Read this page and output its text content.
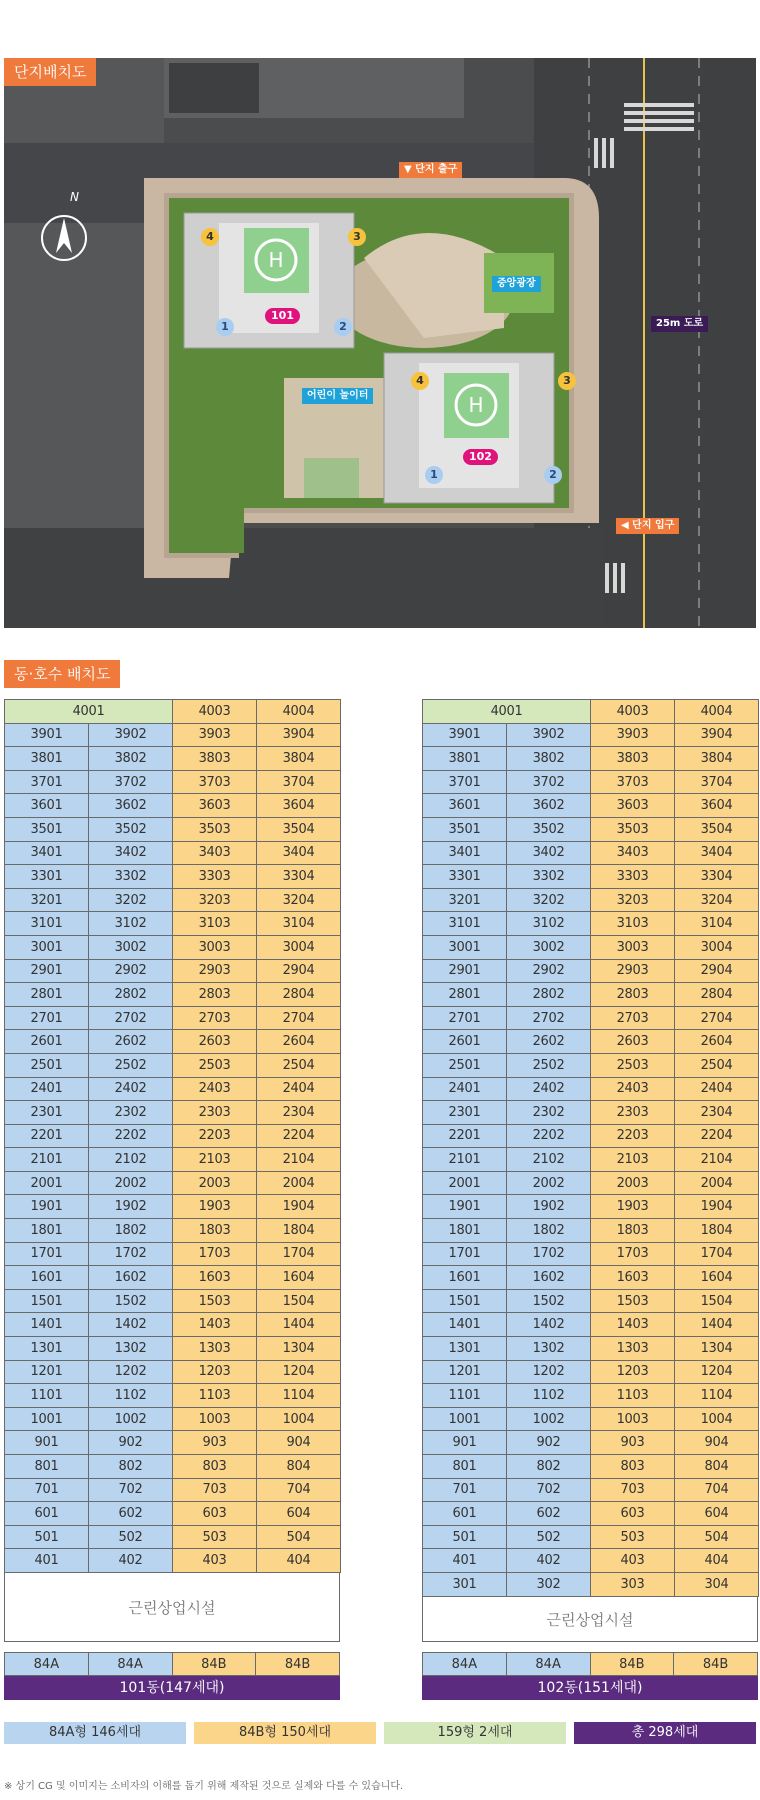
H
H
N
▼ 단지 출구
중앙광장
25m 도로
어린이 놀이터
◀ 단지 입구
101
102
4	3
1	2
4	3
1	2
단지배치도
동·호수 배치도
4001		4003	4004
3901	3902	3903	3904
3801	3802	3803	3804
3701	3702	3703	3704
3601	3602	3603	3604
3501	3502	3503	3504
3401	3402	3403	3404
3301	3302	3303	3304
3201	3202	3203	3204
3101	3102	3103	3104
3001	3002	3003	3004
2901	2902	2903	2904
2801	2802	2803	2804
2701	2702	2703	2704
2601	2602	2603	2604
2501	2502	2503	2504
2401	2402	2403	2404
2301	2302	2303	2304
2201	2202	2203	2204
2101	2102	2103	2104
2001	2002	2003	2004
1901	1902	1903	1904
1801	1802	1803	1804
1701	1702	1703	1704
1601	1602	1603	1604
1501	1502	1503	1504
1401	1402	1403	1404
1301	1302	1303	1304
1201	1202	1203	1204
1101	1102	1103	1104
1001	1002	1003	1004
901	902	903	904
801	802	803	804
701	702	703	704
601	602	603	604
501	502	503	504
401	402	403	404
근린상업시설
84A	84A	84B	84B
101동(147세대)
4001		4003	4004
3901	3902	3903	3904
3801	3802	3803	3804
3701	3702	3703	3704
3601	3602	3603	3604
3501	3502	3503	3504
3401	3402	3403	3404
3301	3302	3303	3304
3201	3202	3203	3204
3101	3102	3103	3104
3001	3002	3003	3004
2901	2902	2903	2904
2801	2802	2803	2804
2701	2702	2703	2704
2601	2602	2603	2604
2501	2502	2503	2504
2401	2402	2403	2404
2301	2302	2303	2304
2201	2202	2203	2204
2101	2102	2103	2104
2001	2002	2003	2004
1901	1902	1903	1904
1801	1802	1803	1804
1701	1702	1703	1704
1601	1602	1603	1604
1501	1502	1503	1504
1401	1402	1403	1404
1301	1302	1303	1304
1201	1202	1203	1204
1101	1102	1103	1104
1001	1002	1003	1004
901	902	903	904
801	802	803	804
701	702	703	704
601	602	603	604
501	502	503	504
401	402	403	404
301	302	303	304
근린상업시설
84A	84A	84B	84B
102동(151세대)
84A형 146세대	84B형 150세대	159형 2세대	총 298세대
※ 상기 CG 및 이미지는 소비자의 이해를 돕기 위해 제작된 것으로 실제와 다를 수 있습니다.
